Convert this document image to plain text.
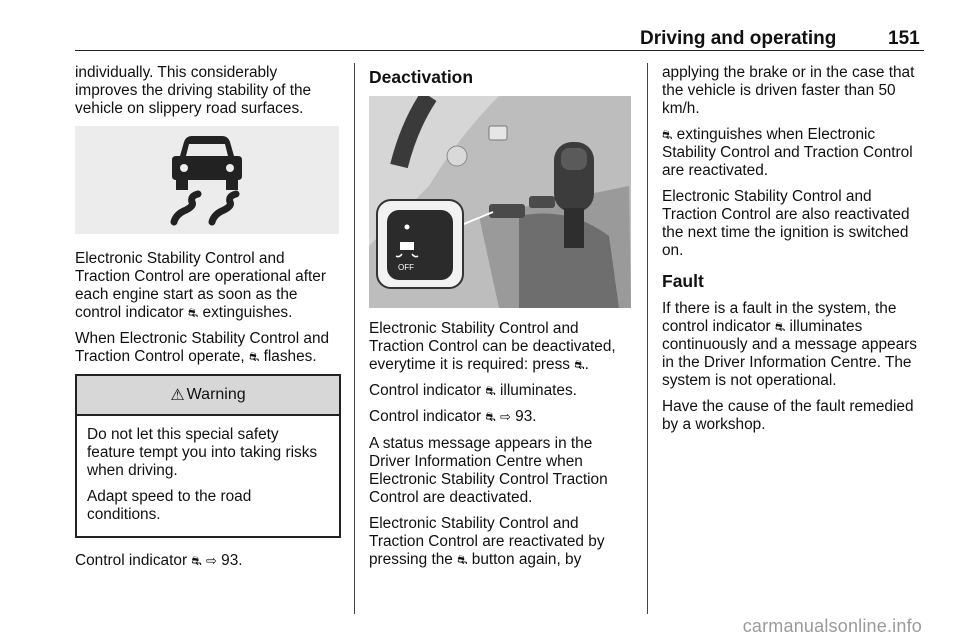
Driving and operating	151

individually. This considerably improves the driving stability of the vehicle on slippery road surfaces.

Electronic Stability Control and Traction Control are operational after each engine start as soon as the control indicator ⛐ extinguishes.

When Electronic Stability Control and Traction Control operate, ⛐ flashes.

⚠ Warning

Do not let this special safety feature tempt you into taking risks when driving.

Adapt speed to the road conditions.

Control indicator ⛐ ⇨ 93.

Deactivation
OFF

Electronic Stability Control and Traction Control can be deactivated, everytime it is required: press ⛐.

Control indicator ⛐ illuminates.

Control indicator ⛐ ⇨ 93.

A status message appears in the Driver Information Centre when Electronic Stability Control Traction Control are deactivated.

Electronic Stability Control and Traction Control are reactivated by pressing the ⛐ button again, by

applying the brake or in the case that the vehicle is driven faster than 50 km/h.

⛐ extinguishes when Electronic Stability Control and Traction Control are reactivated.

Electronic Stability Control and Traction Control are also reactivated the next time the ignition is switched on.

Fault

If there is a fault in the system, the control indicator ⛐ illuminates continuously and a message appears in the Driver Information Centre. The system is not operational.

Have the cause of the fault remedied by a workshop.

carmanualsonline.info
